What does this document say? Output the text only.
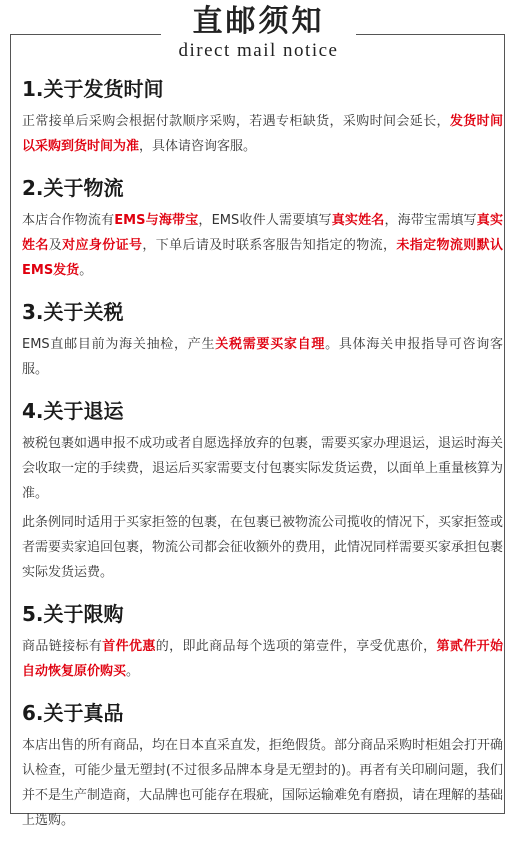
直邮须知
direct mail notice
1.关于发货时间

正常接单后采购会根据付款顺序采购，若遇专柜缺货，采购时间会延长，发货时间以采购到货时间为准，具体请咨询客服。

2.关于物流

本店合作物流有EMS与海带宝，EMS收件人需要填写真实姓名，海带宝需填写真实姓名及对应身份证号，下单后请及时联系客服告知指定的物流，未指定物流则默认EMS发货。

3.关于关税

EMS直邮目前为海关抽检，产生关税需要买家自理。具体海关申报指导可咨询客服。

4.关于退运

被税包裹如遇申报不成功或者自愿选择放弃的包裹，需要买家办理退运，退运时海关会收取一定的手续费，退运后买家需要支付包裹实际发货运费，以面单上重量核算为准。

此条例同时适用于买家拒签的包裹，在包裹已被物流公司揽收的情况下，买家拒签或者需要卖家追回包裹，物流公司都会征收额外的费用，此情况同样需要买家承担包裹实际发货运费。

5.关于限购

商品链接标有首件优惠的，即此商品每个选项的第壹件，享受优惠价，第贰件开始自动恢复原价购买。

6.关于真品

本店出售的所有商品，均在日本直采直发，拒绝假货。部分商品采购时柜姐会打开确认检查，可能少量无塑封(不过很多品牌本身是无塑封的)。再者有关印刷问题，我们并不是生产制造商，大品牌也可能存在瑕疵，国际运输难免有磨损，请在理解的基础上选购。
